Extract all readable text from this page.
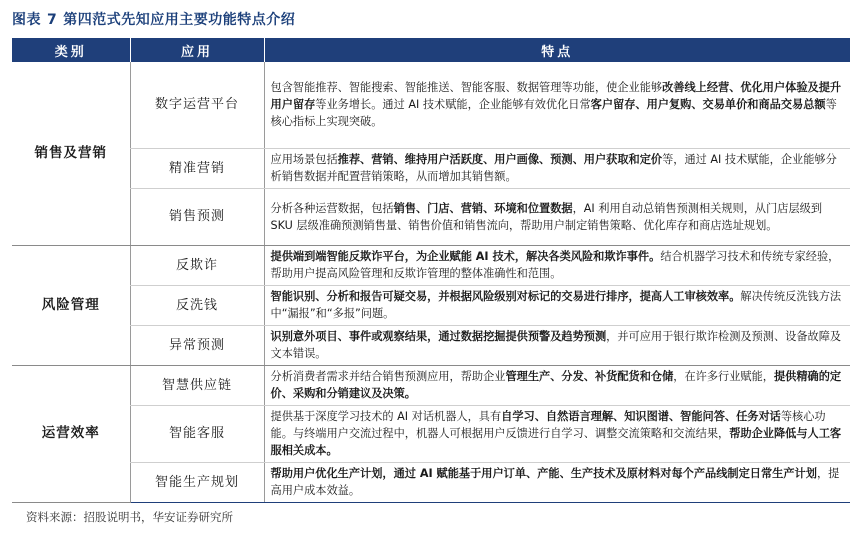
图表 7 第四范式先知应用主要功能特点介绍
类别	应用	特点
销售及营销	数字运营平台	包含智能推荐、智能搜索、智能推送、智能客服、数据管理等功能，使企业能够改善线上经营、优化用户体验及提升用户留存等业务增长。通过 AI 技术赋能，企业能够有效优化日常客户留存、用户复购、交易单价和商品交易总额等核心指标上实现突破。
	精准营销	应用场景包括推荐、营销、维持用户活跃度、用户画像、预测、用户获取和定价等，通过 AI 技术赋能，企业能够分析销售数据并配置营销策略，从而增加其销售额。
	销售预测	分析各种运营数据，包括销售、门店、营销、环境和位置数据，AI 利用自动总销售预测相关规则，从门店层级到 SKU 层级准确预测销售量、销售价值和销售流向，帮助用户制定销售策略、优化库存和商店选址规划。
风险管理	反欺诈	提供端到端智能反欺诈平台，为企业赋能 AI 技术，解决各类风险和欺诈事件。结合机器学习技术和传统专家经验，帮助用户提高风险管理和反欺诈管理的整体准确性和范围。
	反洗钱	智能识别、分析和报告可疑交易，并根据风险级别对标记的交易进行排序，提高人工审核效率。解决传统反洗钱方法中“漏报”和“多报”问题。
	异常预测	识别意外项目、事件或观察结果，通过数据挖掘提供预警及趋势预测，并可应用于银行欺诈检测及预测、设备故障及文本错误。
运营效率	智慧供应链	分析消费者需求并结合销售预测应用，帮助企业管理生产、分发、补货配货和仓储，在许多行业赋能，提供精确的定价、采购和分销建议及决策。
	智能客服	提供基于深度学习技术的 AI 对话机器人，具有自学习、自然语言理解、知识图谱、智能问答、任务对话等核心功能。与终端用户交流过程中，机器人可根据用户反馈进行自学习、调整交流策略和交流结果，帮助企业降低与人工客服相关成本。
	智能生产规划	帮助用户优化生产计划，通过 AI 赋能基于用户订单、产能、生产技术及原材料对每个产品线制定日常生产计划，提高用户成本效益。
资料来源：招股说明书，华安证券研究所
